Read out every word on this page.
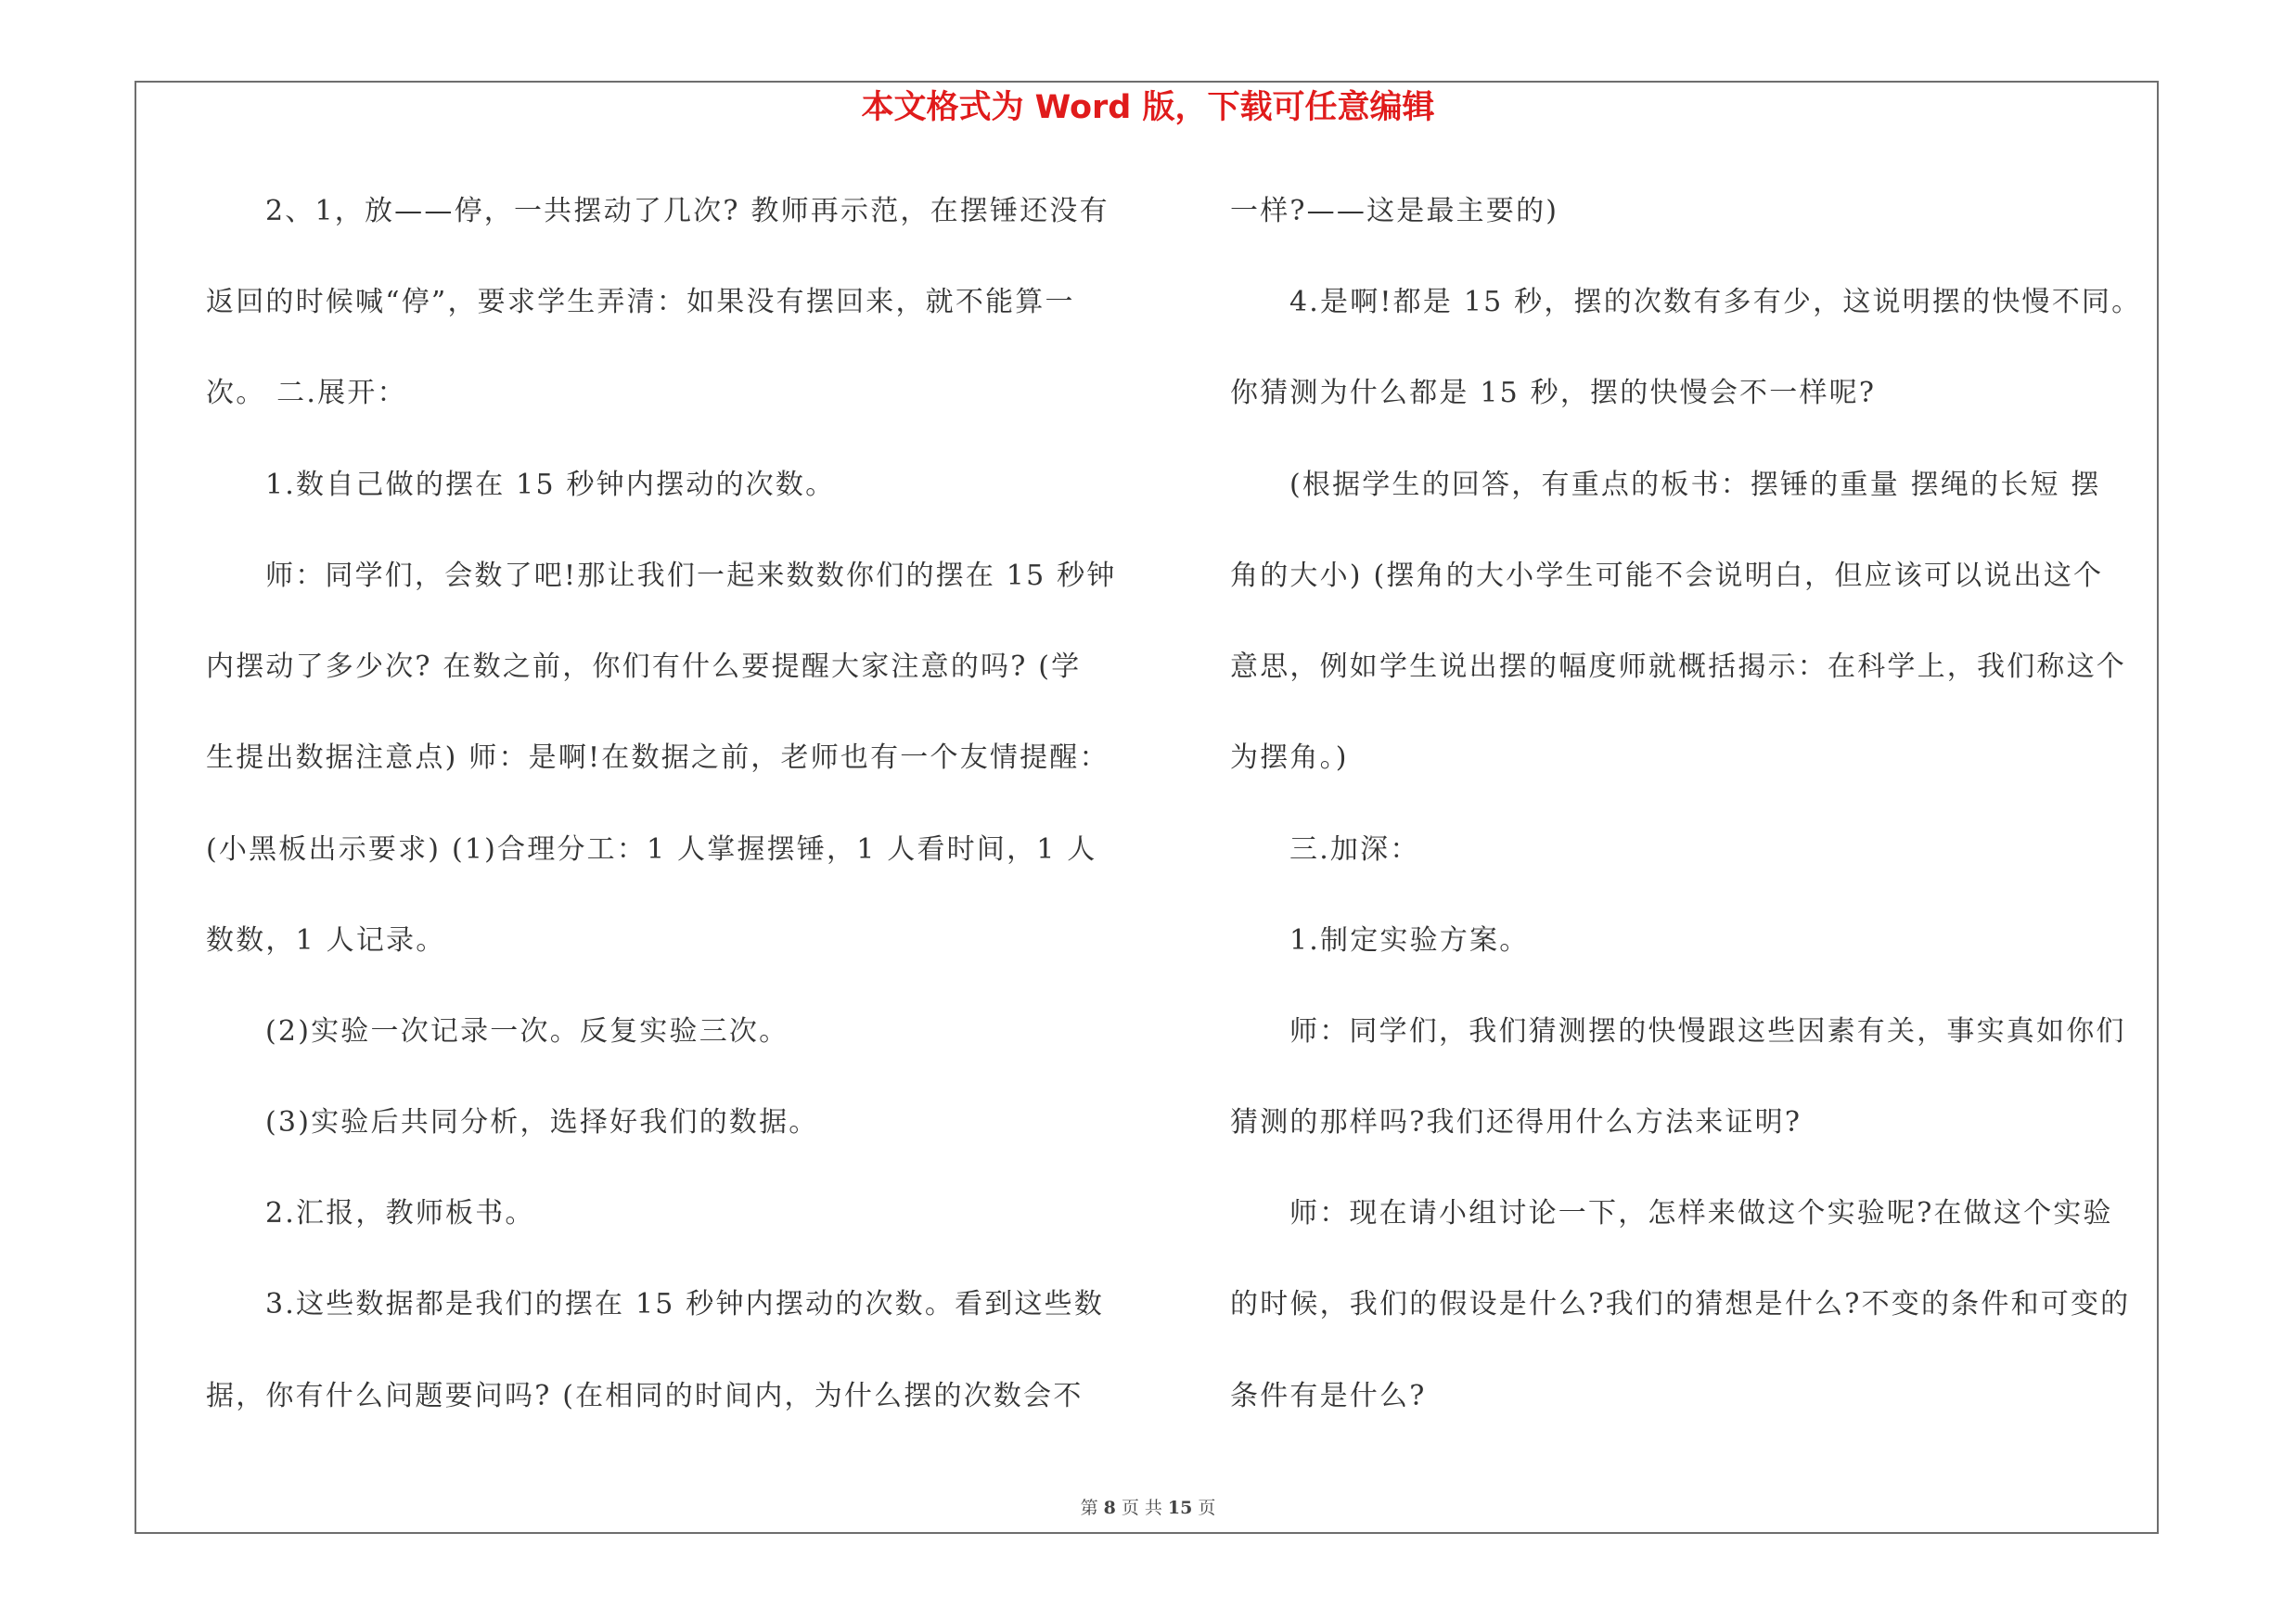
本文格式为 Word 版，下载可任意编辑
2、1，放——停，一共摆动了几次? 教师再示范，在摆锤还没有
返回的时候喊“停”，要求学生弄清：如果没有摆回来，就不能算一
次。 二.展开：
1.数自己做的摆在 15 秒钟内摆动的次数。
师：同学们，会数了吧!那让我们一起来数数你们的摆在 15 秒钟
内摆动了多少次? 在数之前，你们有什么要提醒大家注意的吗? (学
生提出数据注意点) 师：是啊!在数据之前，老师也有一个友情提醒：
(小黑板出示要求) (1)合理分工：1 人掌握摆锤，1 人看时间，1 人
数数，1 人记录。
(2)实验一次记录一次。反复实验三次。
(3)实验后共同分析，选择好我们的数据。
2.汇报，教师板书。
3.这些数据都是我们的摆在 15 秒钟内摆动的次数。看到这些数
据，你有什么问题要问吗? (在相同的时间内，为什么摆的次数会不
一样?——这是最主要的)
4.是啊!都是 15 秒，摆的次数有多有少，这说明摆的快慢不同。
你猜测为什么都是 15 秒，摆的快慢会不一样呢?
(根据学生的回答，有重点的板书：摆锤的重量 摆绳的长短 摆
角的大小) (摆角的大小学生可能不会说明白，但应该可以说出这个
意思，例如学生说出摆的幅度师就概括揭示：在科学上，我们称这个
为摆角。)
三.加深：
1.制定实验方案。
师：同学们，我们猜测摆的快慢跟这些因素有关，事实真如你们
猜测的那样吗?我们还得用什么方法来证明?
师：现在请小组讨论一下，怎样来做这个实验呢?在做这个实验
的时候，我们的假设是什么?我们的猜想是什么?不变的条件和可变的
条件有是什么?
第 8 页 共 15 页
